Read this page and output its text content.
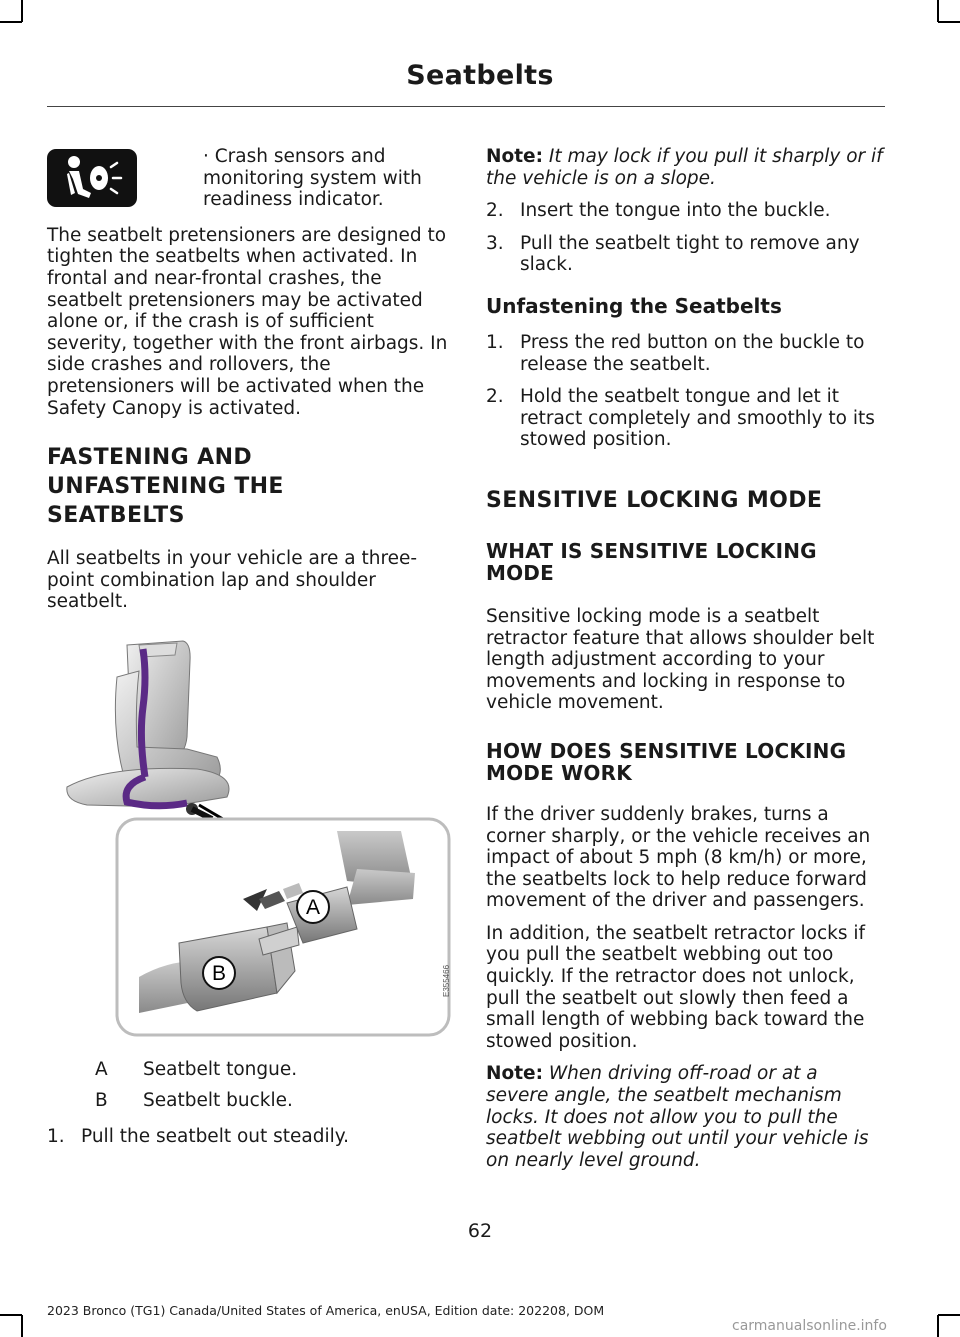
Seatbelts
· Crash sensors and monitoring system with readiness indicator.

The seatbelt pretensioners are designed to tighten the seatbelts when activated. In frontal and near-frontal crashes, the seatbelt pretensioners may be activated alone or, if the crash is of sufficient severity, together with the front airbags. In side crashes and rollovers, the pretensioners will be activated when the Safety Canopy is activated.

FASTENING AND
UNFASTENING THE
SEATBELTS

All seatbelts in your vehicle are a three-point combination lap and shoulder seatbelt.

A
B	E355466
A	Seatbelt tongue.
B	Seatbelt buckle.
1. Pull the seatbelt out steadily.

Note: It may lock if you pull it sharply or if the vehicle is on a slope.

2. Insert the tongue into the buckle.
3. Pull the seatbelt tight to remove any slack.
Unfastening the Seatbelts
1. Press the red button on the buckle to release the seatbelt.
2. Hold the seatbelt tongue and let it retract completely and smoothly to its stowed position.
SENSITIVE LOCKING MODE
WHAT IS SENSITIVE LOCKING MODE

Sensitive locking mode is a seatbelt retractor feature that allows shoulder belt length adjustment according to your movements and locking in response to vehicle movement.

HOW DOES SENSITIVE LOCKING MODE WORK

If the driver suddenly brakes, turns a corner sharply, or the vehicle receives an impact of about 5 mph (8 km/h) or more, the seatbelts lock to help reduce forward movement of the driver and passengers.

In addition, the seatbelt retractor locks if you pull the seatbelt webbing out too quickly. If the retractor does not unlock, pull the seatbelt out slowly then feed a small length of webbing back toward the stowed position.

Note: When driving off-road or at a severe angle, the seatbelt mechanism locks. It does not allow you to pull the seatbelt webbing out until your vehicle is on nearly level ground.

62
2023 Bronco (TG1) Canada/United States of America, enUSA, Edition date: 202208, DOM
carmanualsonline.info
